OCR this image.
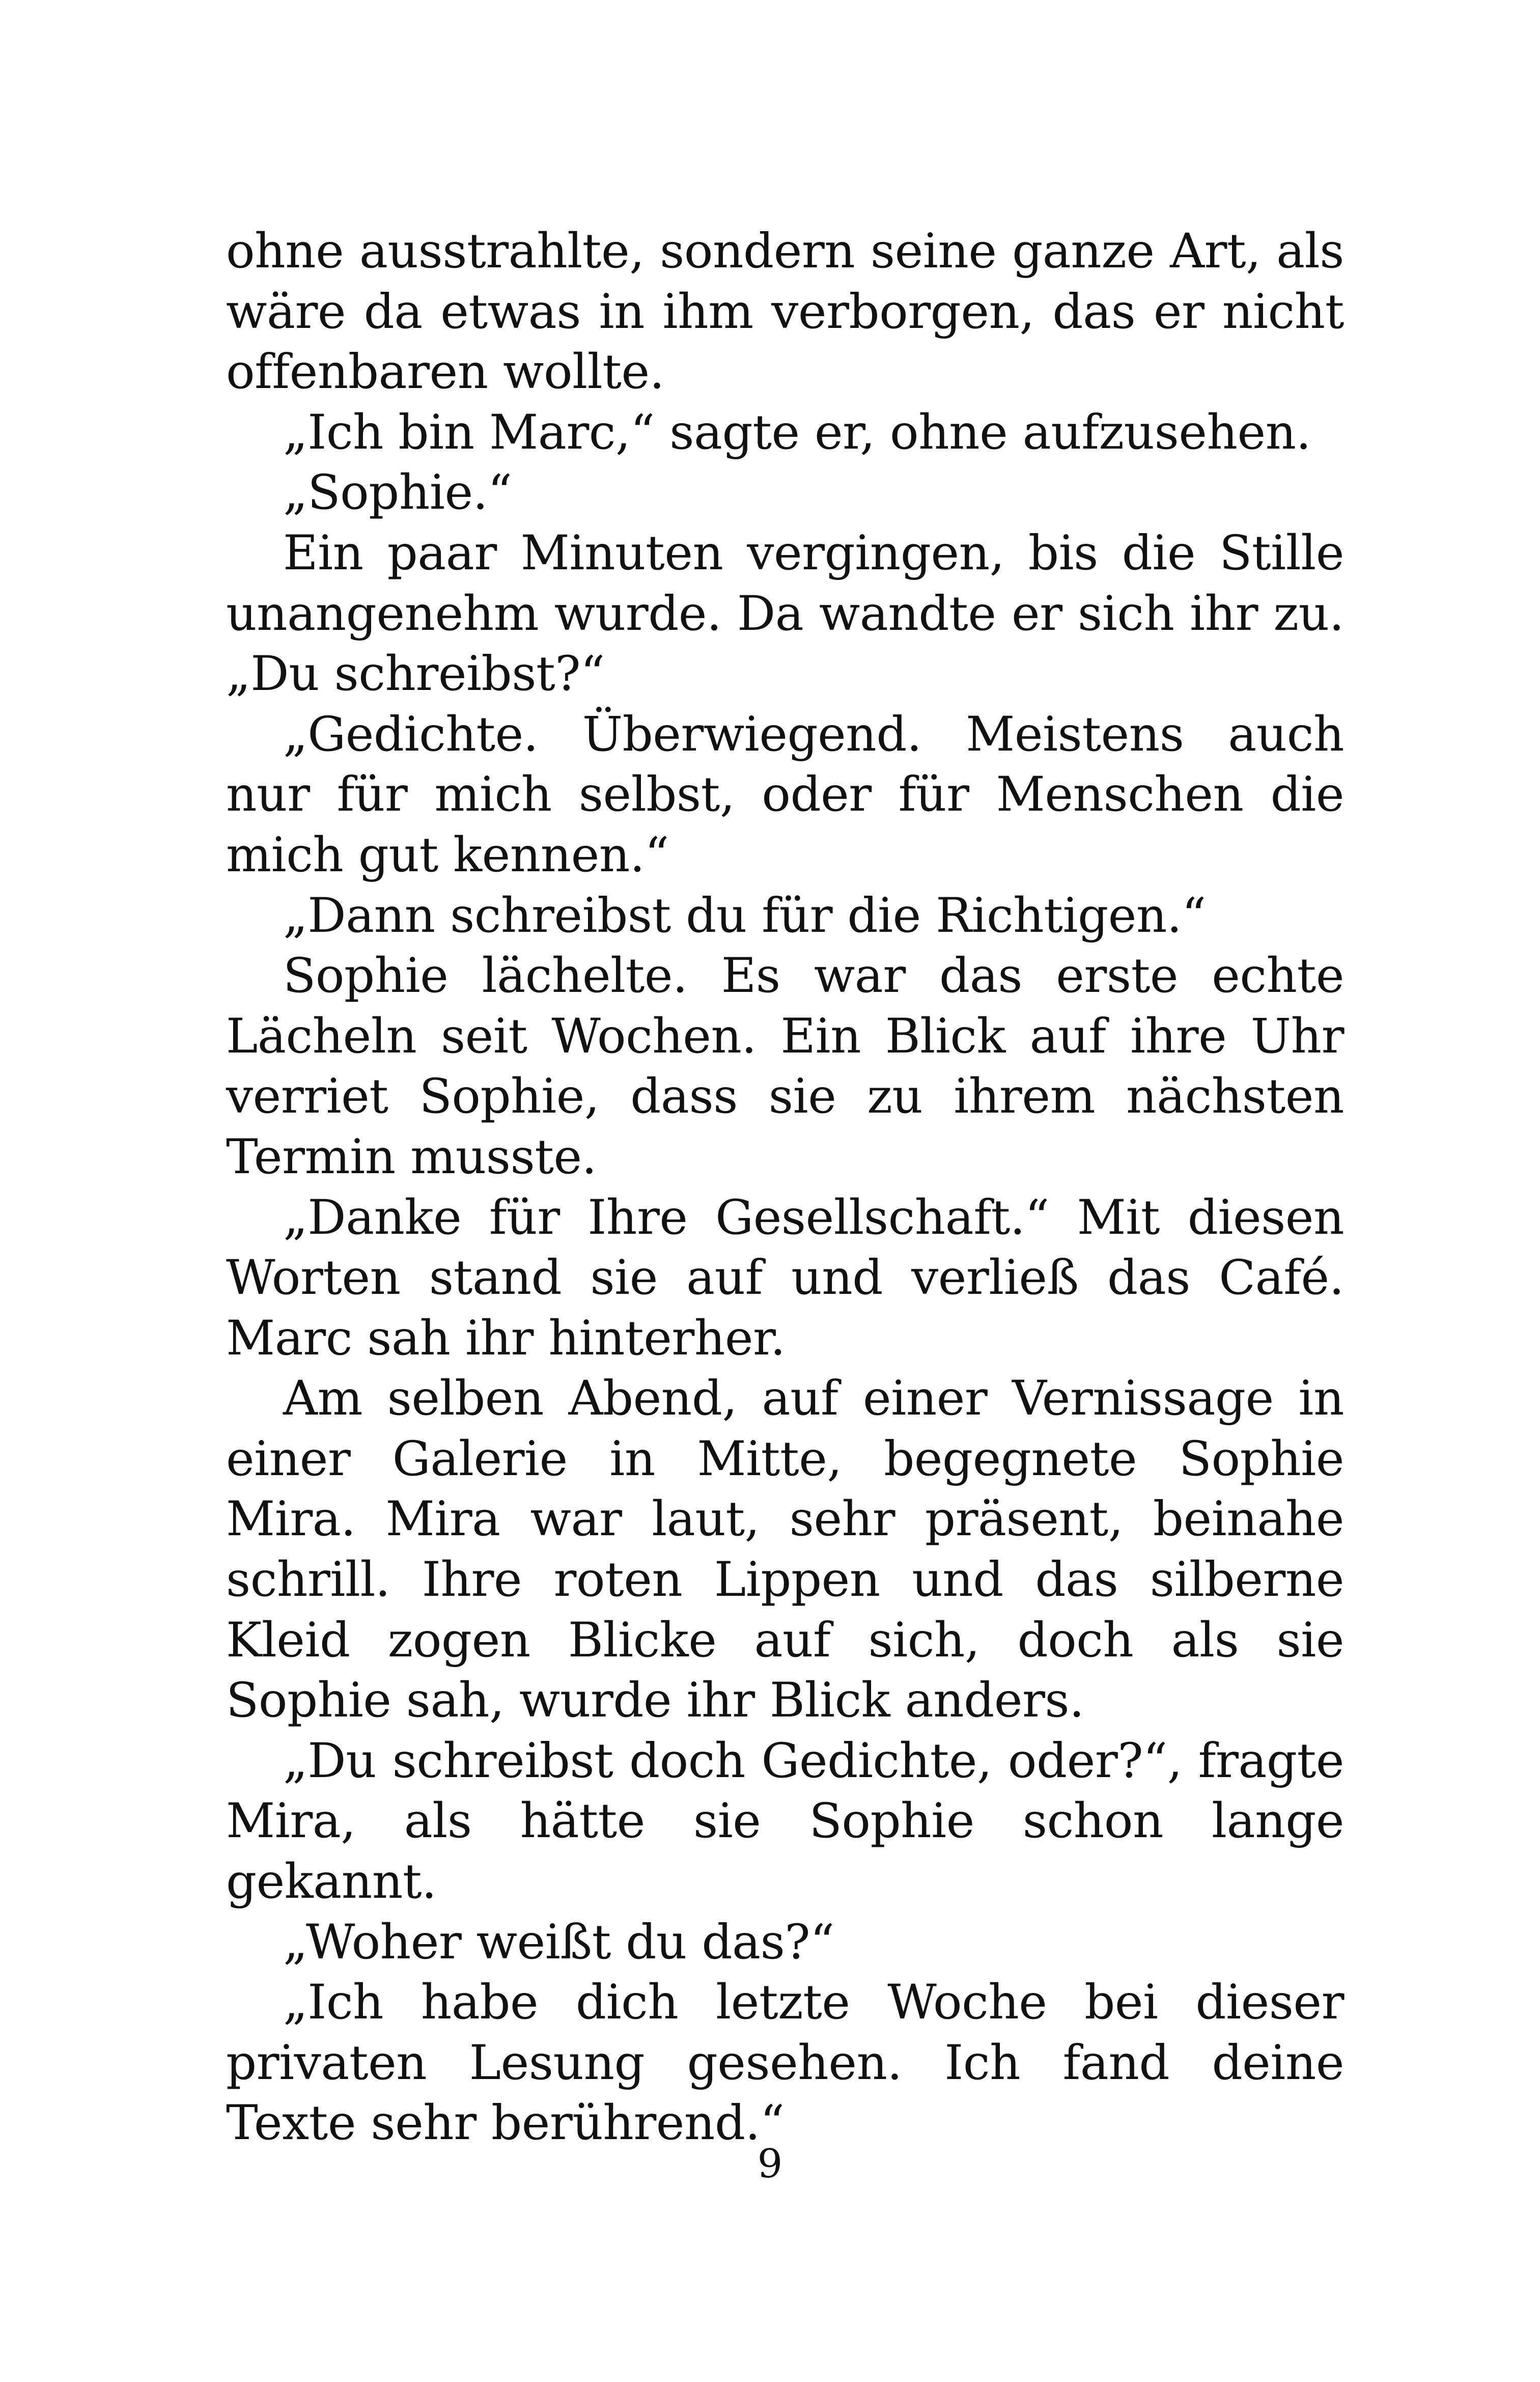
ohne ausstrahlte, sondern seine ganze Art, als wäre da etwas in ihm verborgen, das er nicht offenbaren wollte.

„Ich bin Marc,“ sagte er, ohne aufzusehen.

„Sophie.“

Ein paar Minuten vergingen, bis die Stille unangenehm wurde. Da wandte er sich ihr zu. „Du schreibst?“

„Gedichte. Überwiegend. Meistens auch nur für mich selbst, oder für Menschen die mich gut kennen.“

„Dann schreibst du für die Richtigen.“

Sophie lächelte. Es war das erste echte Lächeln seit Wochen. Ein Blick auf ihre Uhr verriet Sophie, dass sie zu ihrem nächsten Termin musste.

„Danke für Ihre Gesellschaft.“ Mit diesen Worten stand sie auf und verließ das Café. Marc sah ihr hinterher.

Am selben Abend, auf einer Vernissage in einer Galerie in Mitte, begegnete Sophie Mira. Mira war laut, sehr präsent, beinahe schrill. Ihre roten Lippen und das silberne Kleid zogen Blicke auf sich, doch als sie Sophie sah, wurde ihr Blick anders.

„Du schreibst doch Gedichte, oder?“, fragte Mira, als hätte sie Sophie schon lange gekannt.

„Woher weißt du das?“

„Ich habe dich letzte Woche bei dieser privaten Lesung gesehen. Ich fand deine Texte sehr berührend.“

9
